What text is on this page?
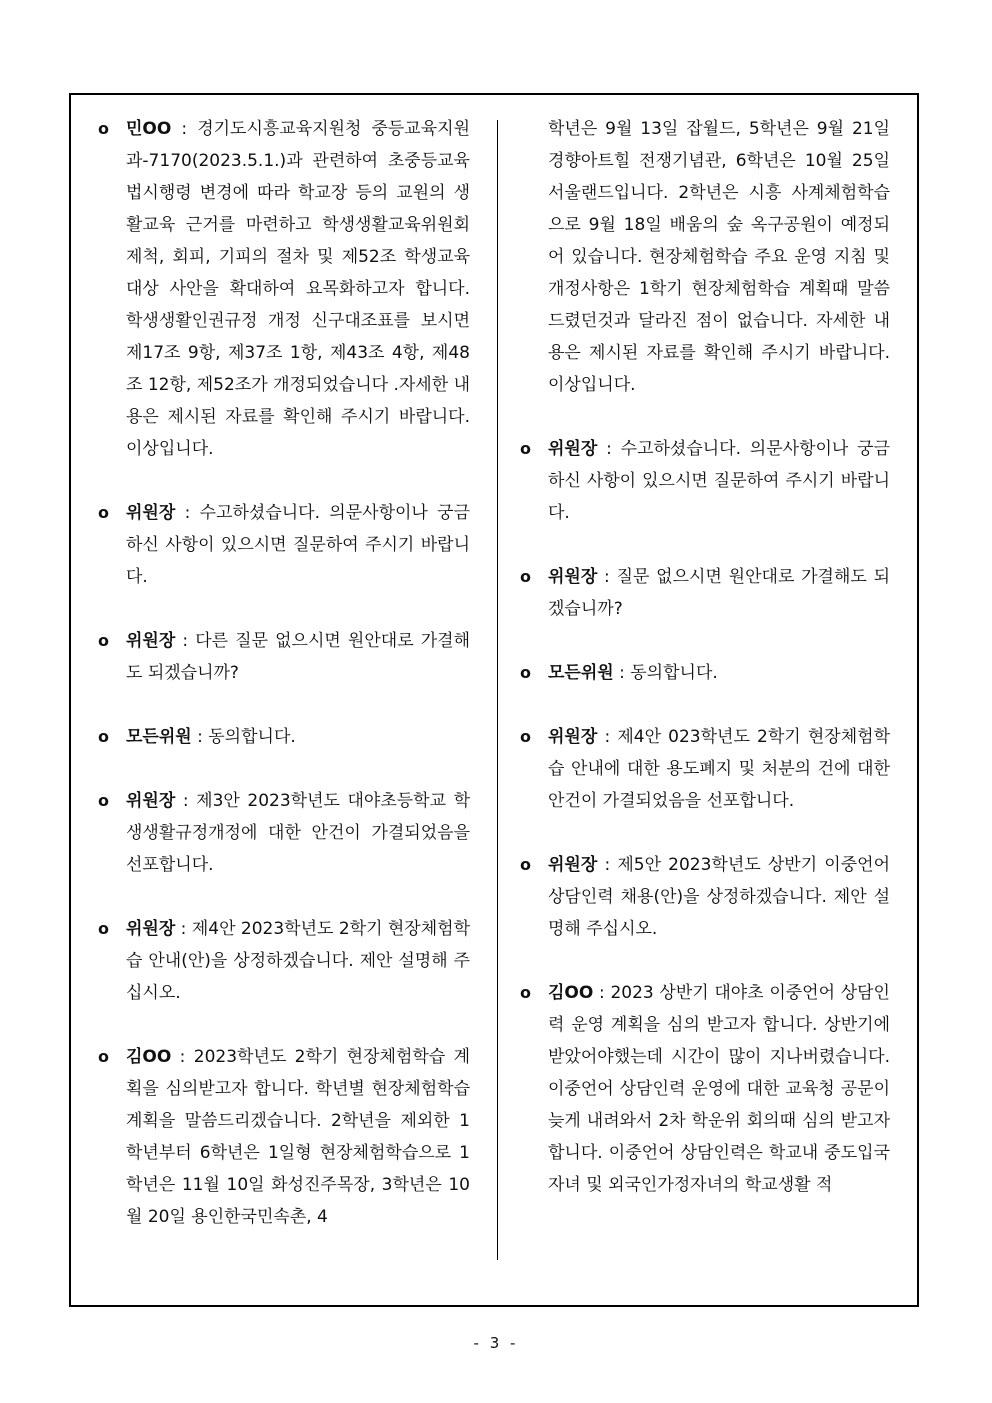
o 민OO : 경기도시흥교육지원청 중등교육지원과-7170(2023.5.1.)과 관련하여 초중등교육법시행령 변경에 따라 학교장 등의 교원의 생활교육 근거를 마련하고 학생생활교육위원회 제척, 회피, 기피의 절차 및 제52조 학생교육 대상 사안을 확대하여 요목화하고자 합니다. 학생생활인권규정 개정 신구대조표를 보시면 제17조 9항, 제37조 1항, 제43조 4항, 제48조 12항, 제52조가 개정되었습니다 .자세한 내용은 제시된 자료를 확인해 주시기 바랍니다. 이상입니다.
o 위원장 : 수고하셨습니다. 의문사항이나 궁금하신 사항이 있으시면 질문하여 주시기 바랍니다.
o 위원장 : 다른 질문 없으시면 원안대로 가결해도 되겠습니까?
o 모든위원 : 동의합니다.
o 위원장 : 제3안 2023학년도 대야초등학교 학생생활규정개정에 대한 안건이 가결되었음을 선포합니다.
o 위원장 : 제4안 2023학년도 2학기 현장체험학습 안내(안)을 상정하겠습니다. 제안 설명해 주십시오.
o 김OO : 2023학년도 2학기 현장체험학습 계획을 심의받고자 합니다. 학년별 현장체험학습 계획을 말씀드리겠습니다. 2학년을 제외한 1학년부터 6학년은 1일형 현장체험학습으로 1학년은 11월 10일 화성진주목장, 3학년은 10월 20일 용인한국민속촌, 4
학년은 9월 13일 잡월드, 5학년은 9월 21일 경향아트힐 전쟁기념관, 6학년은 10월 25일 서울랜드입니다. 2학년은 시흥 사계체험학습으로 9월 18일 배움의 숲 옥구공원이 예정되어 있습니다. 현장체험학습 주요 운영 지침 및 개정사항은 1학기 현장체험학습 계획때 말씀드렸던것과 달라진 점이 없습니다. 자세한 내용은 제시된 자료를 확인해 주시기 바랍니다. 이상입니다.
o 위원장 : 수고하셨습니다. 의문사항이나 궁금하신 사항이 있으시면 질문하여 주시기 바랍니다.
o 위원장 : 질문 없으시면 원안대로 가결해도 되겠습니까?
o 모든위원 : 동의합니다.
o 위원장 : 제4안 023학년도 2학기 현장체험학습 안내에 대한 용도폐지 및 처분의 건에 대한 안건이 가결되었음을 선포합니다.
o 위원장 : 제5안 2023학년도 상반기 이중언어 상담인력 채용(안)을 상정하겠습니다. 제안 설명해 주십시오.
o 김OO : 2023 상반기 대야초 이중언어 상담인력 운영 계획을 심의 받고자 합니다. 상반기에 받았어야했는데 시간이 많이 지나버렸습니다. 이중언어 상담인력 운영에 대한 교육청 공문이 늦게 내려와서 2차 학운위 회의때 심의 받고자 합니다. 이중언어 상담인력은 학교내 중도입국자녀 및 외국인가정자녀의 학교생활 적
- 3 -
